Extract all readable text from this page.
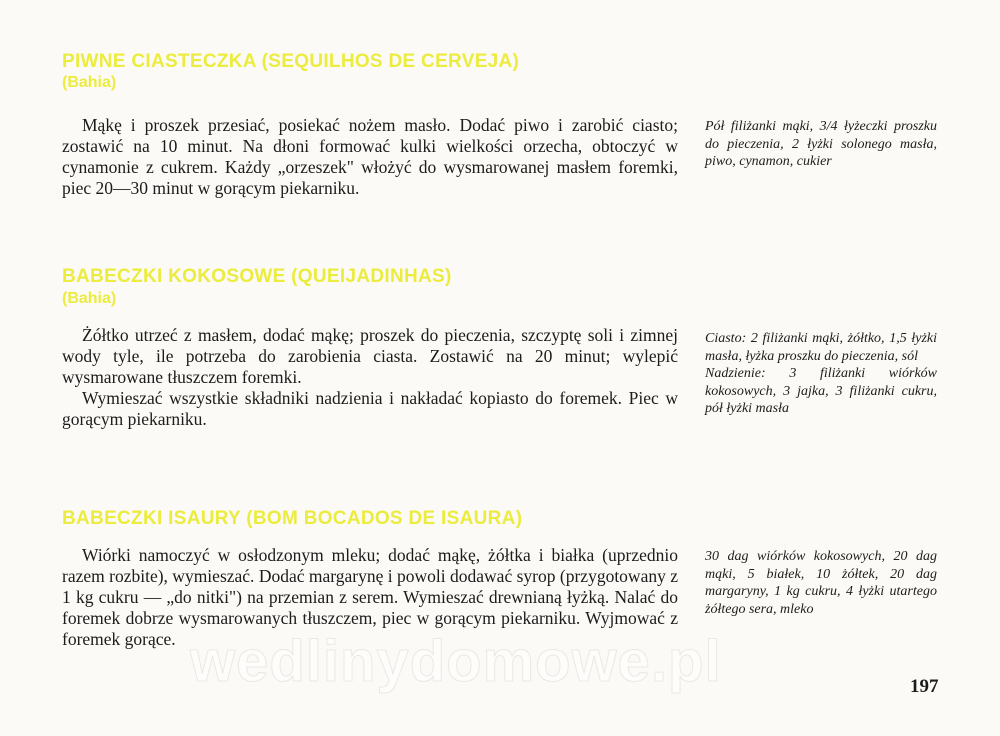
PIWNE CIASTECZKA (SEQUILHOS DE CERVEJA)
(Bahia)

Mąkę i proszek przesiać, posiekać nożem masło. Dodać piwo i zarobić ciasto; zostawić na 10 minut. Na dłoni formować kulki wielkości orzecha, obtoczyć w cynamonie z cukrem. Każdy „orzeszek" włożyć do wysmarowanej masłem foremki, piec 20—30 minut w gorącym piekarniku.

Pół filiżanki mąki, 3/4 łyżeczki proszku do pieczenia, 2 łyżki solonego masła, piwo, cynamon, cukier

BABECZKI KOKOSOWE (QUEIJADINHAS)
(Bahia)

Żółtko utrzeć z masłem, dodać mąkę; proszek do pieczenia, szczyptę soli i zimnej wody tyle, ile potrzeba do zarobienia ciasta. Zostawić na 20 minut; wylepić wysmarowane tłuszczem foremki.

Wymieszać wszystkie składniki nadzienia i nakładać kopiasto do foremek. Piec w gorącym piekarniku.

Ciasto: 2 filiżanki mąki, żółtko, 1,5 łyżki masła, łyżka proszku do pieczenia, sól

Nadzienie: 3 filiżanki wiórków kokosowych, 3 jajka, 3 filiżanki cukru, pół łyżki masła

BABECZKI ISAURY (BOM BOCADOS DE ISAURA)

Wiórki namoczyć w osłodzonym mleku; dodać mąkę, żółtka i białka (uprzednio razem rozbite), wymieszać. Dodać margarynę i powoli dodawać syrop (przygotowany z 1 kg cukru — „do nitki") na przemian z serem. Wymieszać drewnianą łyżką. Nalać do foremek dobrze wysmarowanych tłuszczem, piec w gorącym piekarniku. Wyjmować z foremek gorące.

30 dag wiórków kokosowych, 20 dag mąki, 5 białek, 10 żółtek, 20 dag margaryny, 1 kg cukru, 4 łyżki utartego żółtego sera, mleko

wedlinydomowe.pl	197
